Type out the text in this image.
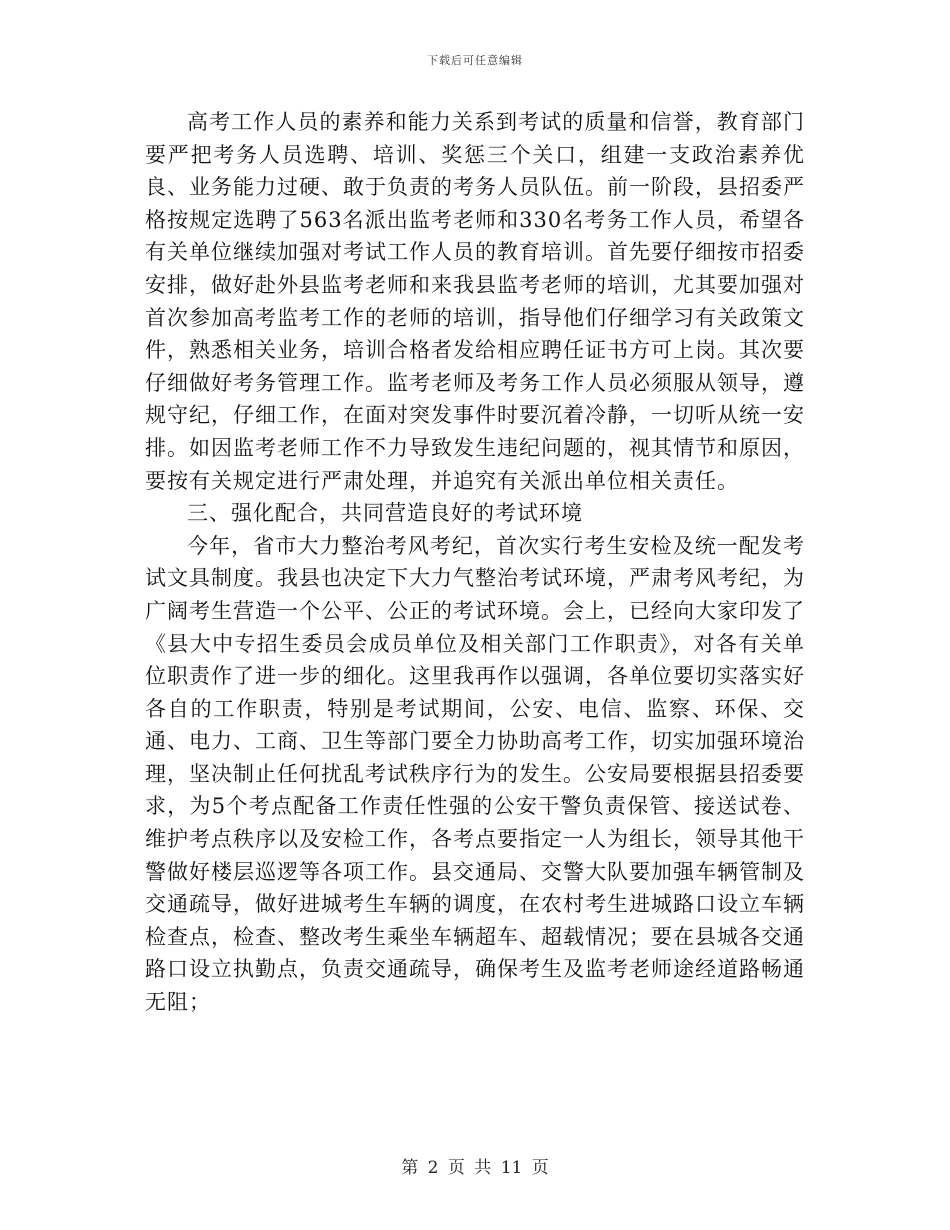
下载后可任意编辑

高考工作人员的素养和能力关系到考试的质量和信誉，教育部门要严把考务人员选聘、培训、奖惩三个关口，组建一支政治素养优良、业务能力过硬、敢于负责的考务人员队伍。前一阶段，县招委严格按规定选聘了563名派出监考老师和330名考务工作人员，希望各有关单位继续加强对考试工作人员的教育培训。首先要仔细按市招委安排，做好赴外县监考老师和来我县监考老师的培训，尤其要加强对首次参加高考监考工作的老师的培训，指导他们仔细学习有关政策文件，熟悉相关业务，培训合格者发给相应聘任证书方可上岗。其次要仔细做好考务管理工作。监考老师及考务工作人员必须服从领导，遵规守纪，仔细工作，在面对突发事件时要沉着冷静，一切听从统一安排。如因监考老师工作不力导致发生违纪问题的，视其情节和原因，要按有关规定进行严肃处理，并追究有关派出单位相关责任。

三、强化配合，共同营造良好的考试环境

今年，省市大力整治考风考纪，首次实行考生安检及统一配发考试文具制度。我县也决定下大力气整治考试环境，严肃考风考纪，为广阔考生营造一个公平、公正的考试环境。会上，已经向大家印发了《县大中专招生委员会成员单位及相关部门工作职责》，对各有关单位职责作了进一步的细化。这里我再作以强调，各单位要切实落实好各自的工作职责，特别是考试期间，公安、电信、监察、环保、交通、电力、工商、卫生等部门要全力协助高考工作，切实加强环境治理，坚决制止任何扰乱考试秩序行为的发生。公安局要根据县招委要求，为5个考点配备工作责任性强的公安干警负责保管、接送试卷、维护考点秩序以及安检工作，各考点要指定一人为组长，领导其他干警做好楼层巡逻等各项工作。县交通局、交警大队要加强车辆管制及交通疏导，做好进城考生车辆的调度，在农村考生进城路口设立车辆检查点，检查、整改考生乘坐车辆超车、超载情况；要在县城各交通路口设立执勤点，负责交通疏导，确保考生及监考老师途经道路畅通无阻；

第 2 页 共 11 页
